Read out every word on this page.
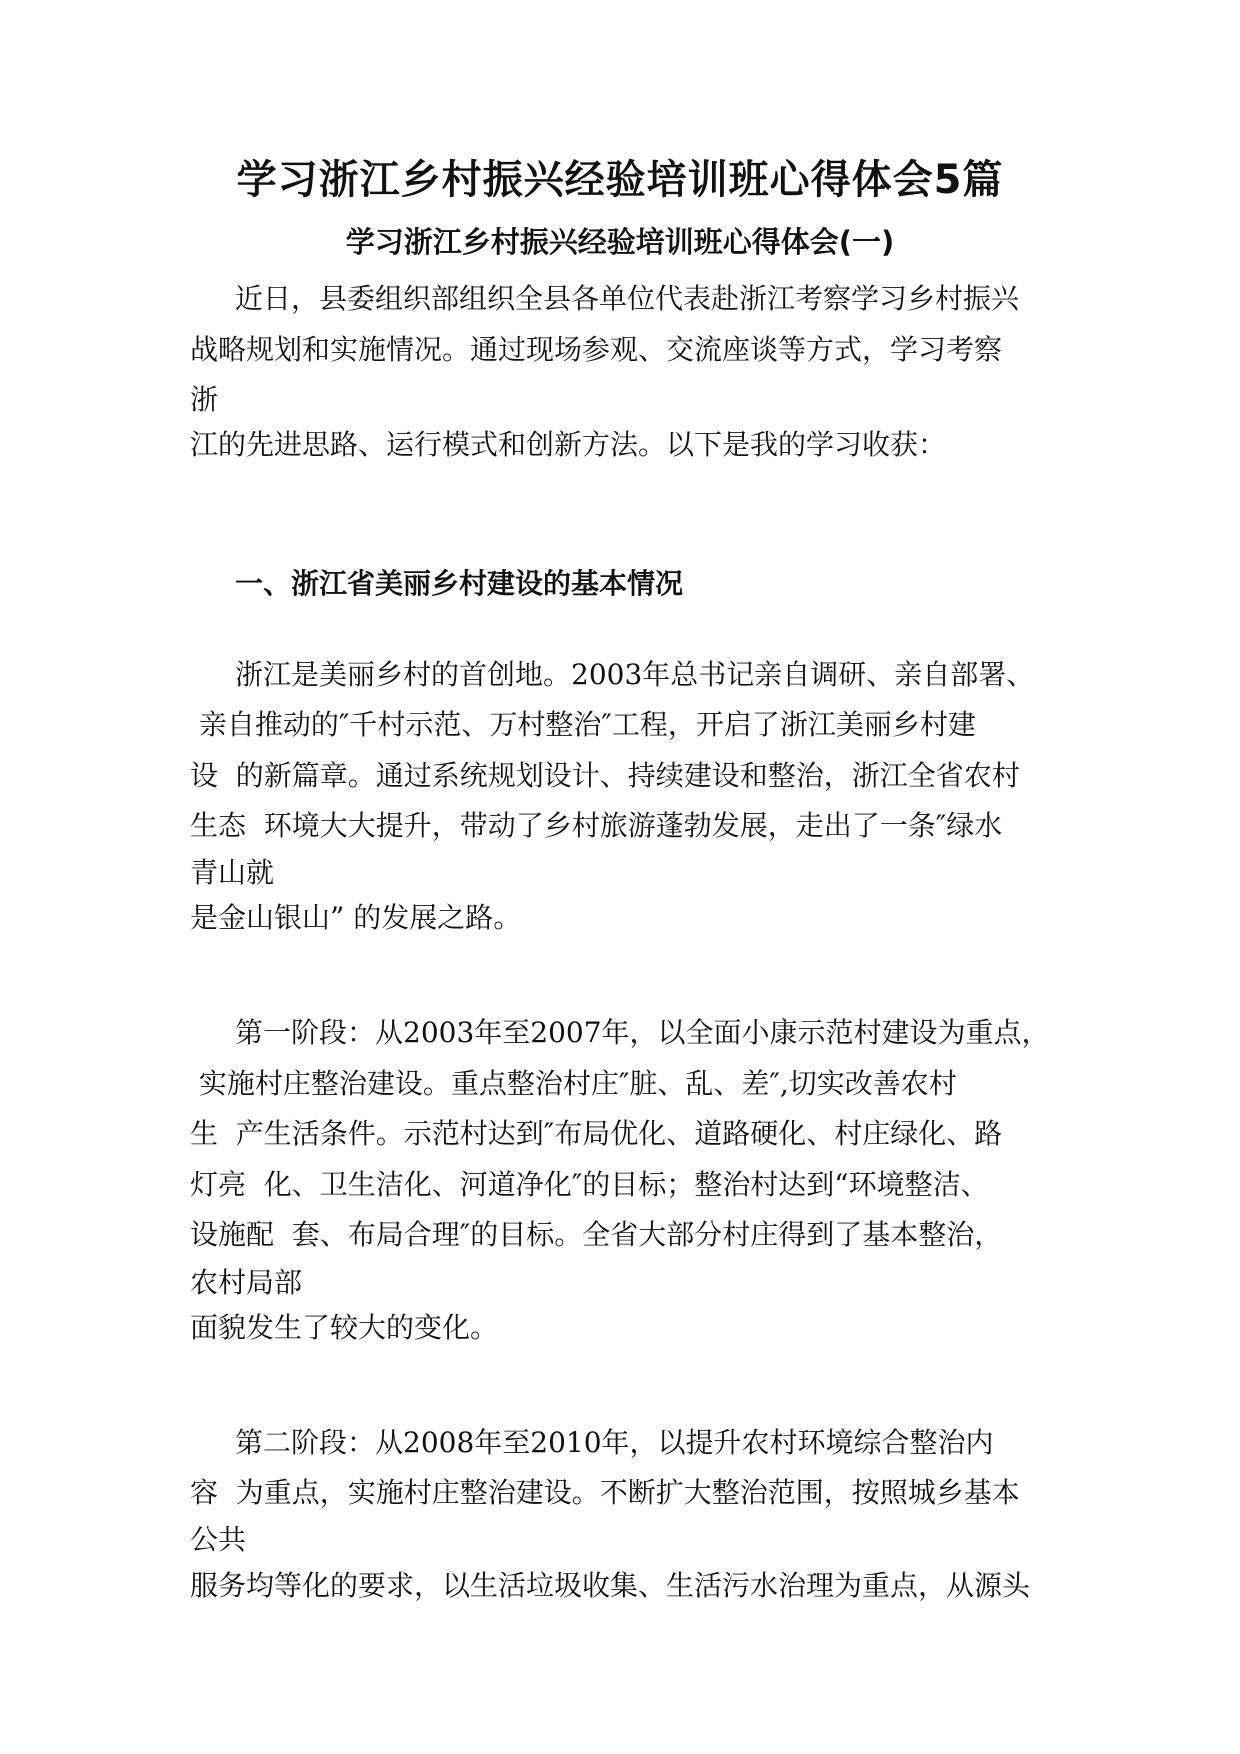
学习浙江乡村振兴经验培训班心得体会5篇
学习浙江乡村振兴经验培训班心得体会(一)
近日，县委组织部组织全县各单位代表赴浙江考察学习乡村振兴
战略规划和实施情况。通过现场参观、交流座谈等方式，学习考察
浙
江的先进思路、运行模式和创新方法。以下是我的学习收获：
一、浙江省美丽乡村建设的基本情况
浙江是美丽乡村的首创地。2003年总书记亲自调研、亲自部署、
亲自推动的″千村示范、万村整治″工程，开启了浙江美丽乡村建
设  的新篇章。通过系统规划设计、持续建设和整治，浙江全省农村
生态  环境大大提升，带动了乡村旅游蓬勃发展，走出了一条″绿水
青山就
是金山银山” 的发展之路。
第一阶段：从2003年至2007年，以全面小康示范村建设为重点，
实施村庄整治建设。重点整治村庄″脏、乱、差″,切实改善农村
生  产生活条件。示范村达到″布局优化、道路硬化、村庄绿化、路
灯亮  化、卫生洁化、河道净化″的目标；整治村达到“环境整洁、
设施配  套、布局合理″的目标。全省大部分村庄得到了基本整治，
农村局部
面貌发生了较大的变化。
第二阶段：从2008年至2010年，以提升农村环境综合整治内
容  为重点，实施村庄整治建设。不断扩大整治范围，按照城乡基本
公共
服务均等化的要求，以生活垃圾收集、生活污水治理为重点，从源头
